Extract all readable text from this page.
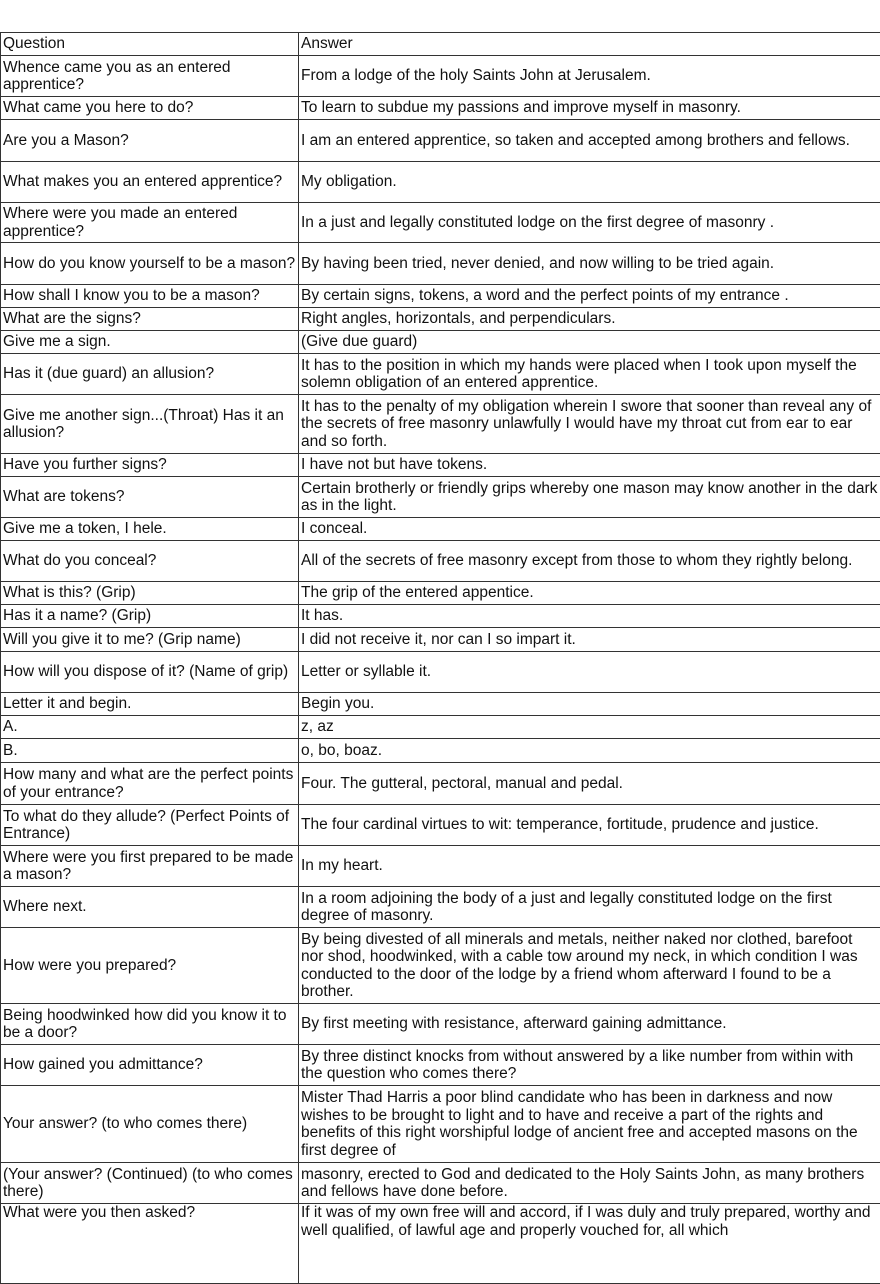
Question	Answer
Whence came you as an entered apprentice?	From a lodge of the holy Saints John at Jerusalem.
What came you here to do?	To learn to subdue my passions and improve myself in masonry.
Are you a Mason?	I am an entered apprentice, so taken and accepted among brothers and fellows.
What makes you an entered apprentice?	My obligation.
Where were you made an entered apprentice?	In a just and legally constituted lodge on the first degree of masonry .
How do you know yourself to be a mason?	By having been tried, never denied, and now willing to be tried again.
How shall I know you to be a mason?	By certain signs, tokens, a word and the perfect points of my entrance .
What are the signs?	Right angles, horizontals, and perpendiculars.
Give me a sign.	(Give due guard)
Has it (due guard) an allusion?	It has to the position in which my hands were placed when I took upon myself the solemn obligation of an entered apprentice.
Give me another sign...(Throat) Has it an allusion?	It has to the penalty of my obligation wherein I swore that sooner than reveal any of the secrets of free masonry unlawfully I would have my throat cut from ear to ear and so forth.
Have you further signs?	I have not but have tokens.
What are tokens?	Certain brotherly or friendly grips whereby one mason may know another in the dark as in the light.
Give me a token, I hele.	I conceal.
What do you conceal?	All of the secrets of free masonry except from those to whom they rightly belong.
What is this? (Grip)	The grip of the entered appentice.
Has it a name? (Grip)	It has.
Will you give it to me? (Grip name)	I did not receive it, nor can I so impart it.
How will you dispose of it? (Name of grip)	Letter or syllable it.
Letter it and begin.	Begin you.
A.	z, az
B.	o, bo, boaz.
How many and what are the perfect points of your entrance?	Four. The gutteral, pectoral, manual and pedal.
To what do they allude? (Perfect Points of Entrance)	The four cardinal virtues to wit: temperance, fortitude, prudence and justice.
Where were you first prepared to be made a mason?	In my heart.
Where next.	In a room adjoining the body of a just and legally constituted lodge on the first degree of masonry.
How were you prepared?	By being divested of all minerals and metals, neither naked nor clothed, barefoot nor shod, hoodwinked, with a cable tow around my neck, in which condition I was conducted to the door of the lodge by a friend whom afterward I found to be a brother.
Being hoodwinked how did you know it to be a door?	By first meeting with resistance, afterward gaining admittance.
How gained you admittance?	By three distinct knocks from without answered by a like number from within with the question who comes there?
Your answer? (to who comes there)	Mister Thad Harris a poor blind candidate who has been in darkness and now wishes to be brought to light and to have and receive a part of the rights and benefits of this right worshipful lodge of ancient free and accepted masons on the first degree of
(Your answer? (Continued) (to who comes there)	masonry, erected to God and dedicated to the Holy Saints John, as many brothers and fellows have done before.
What were you then asked?	If it was of my own free will and accord, if I was duly and truly prepared, worthy and well qualified, of lawful age and properly vouched for, all which
